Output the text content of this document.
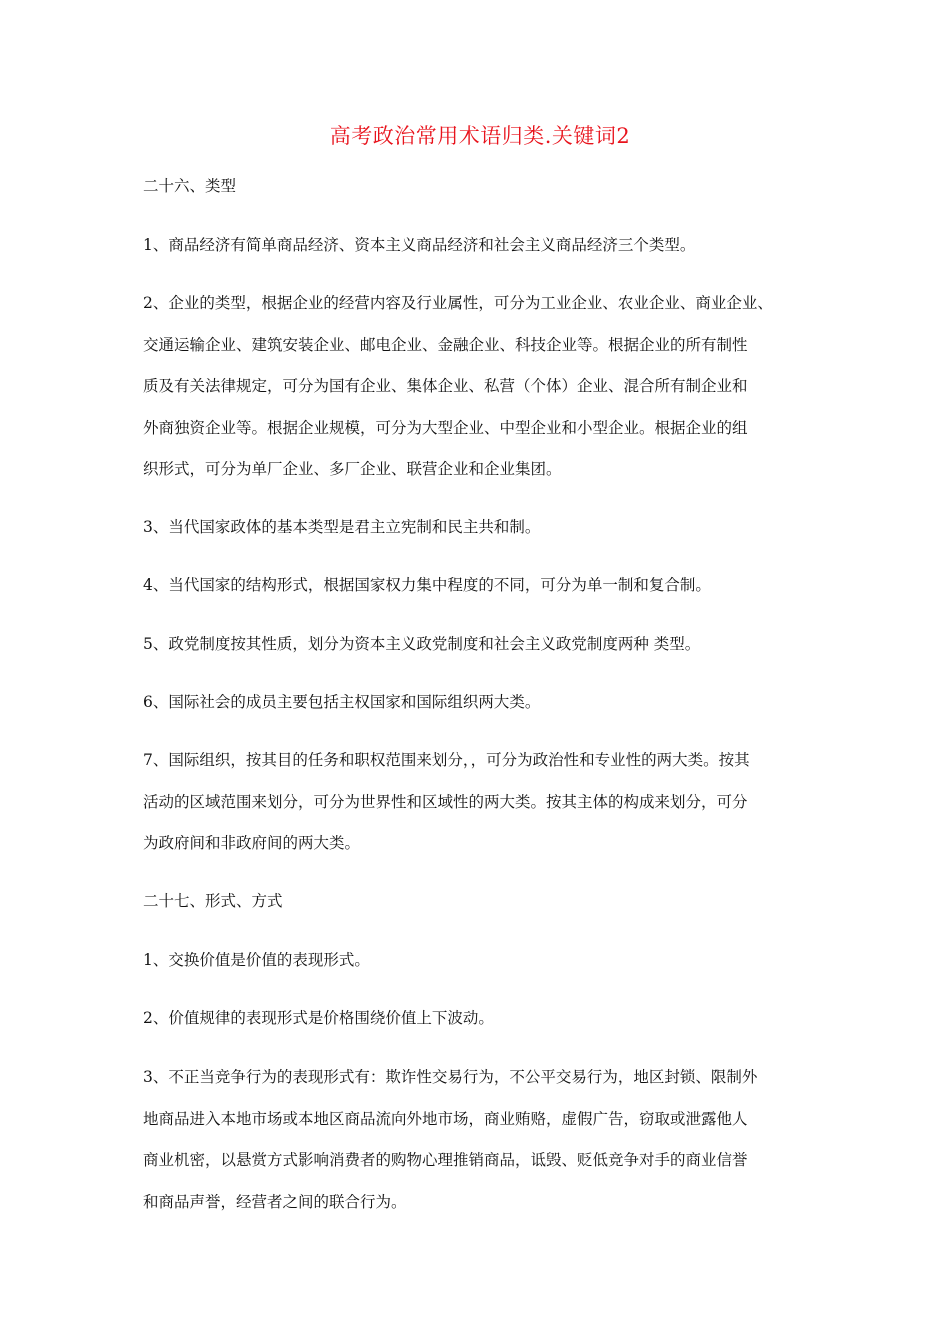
高考政治常用术语归类.关键词2
二十六、类型
1、商品经济有简单商品经济、资本主义商品经济和社会主义商品经济三个类型。
2、企业的类型，根据企业的经营内容及行业属性，可分为工业企业、农业企业、商业企业、
交通运输企业、建筑安装企业、邮电企业、金融企业、科技企业等。根据企业的所有制性
质及有关法律规定，可分为国有企业、集体企业、私营（个体）企业、混合所有制企业和
外商独资企业等。根据企业规模，可分为大型企业、中型企业和小型企业。根据企业的组
织形式，可分为单厂企业、多厂企业、联营企业和企业集团。
3、当代国家政体的基本类型是君主立宪制和民主共和制。
4、当代国家的结构形式，根据国家权力集中程度的不同，可分为单一制和复合制。
5、政党制度按其性质，划分为资本主义政党制度和社会主义政党制度两种 类型。
6、国际社会的成员主要包括主权国家和国际组织两大类。
7、国际组织，按其目的任务和职权范围来划分，，可分为政治性和专业性的两大类。按其
活动的区域范围来划分，可分为世界性和区域性的两大类。按其主体的构成来划分，可分
为政府间和非政府间的两大类。
二十七、形式、方式
1、交换价值是价值的表现形式。
2、价值规律的表现形式是价格围绕价值上下波动。
3、不正当竞争行为的表现形式有：欺诈性交易行为，不公平交易行为，地区封锁、限制外
地商品进入本地市场或本地区商品流向外地市场，商业贿赂，虚假广告，窃取或泄露他人
商业机密，以悬赏方式影响消费者的购物心理推销商品，诋毁、贬低竞争对手的商业信誉
和商品声誉，经营者之间的联合行为。
